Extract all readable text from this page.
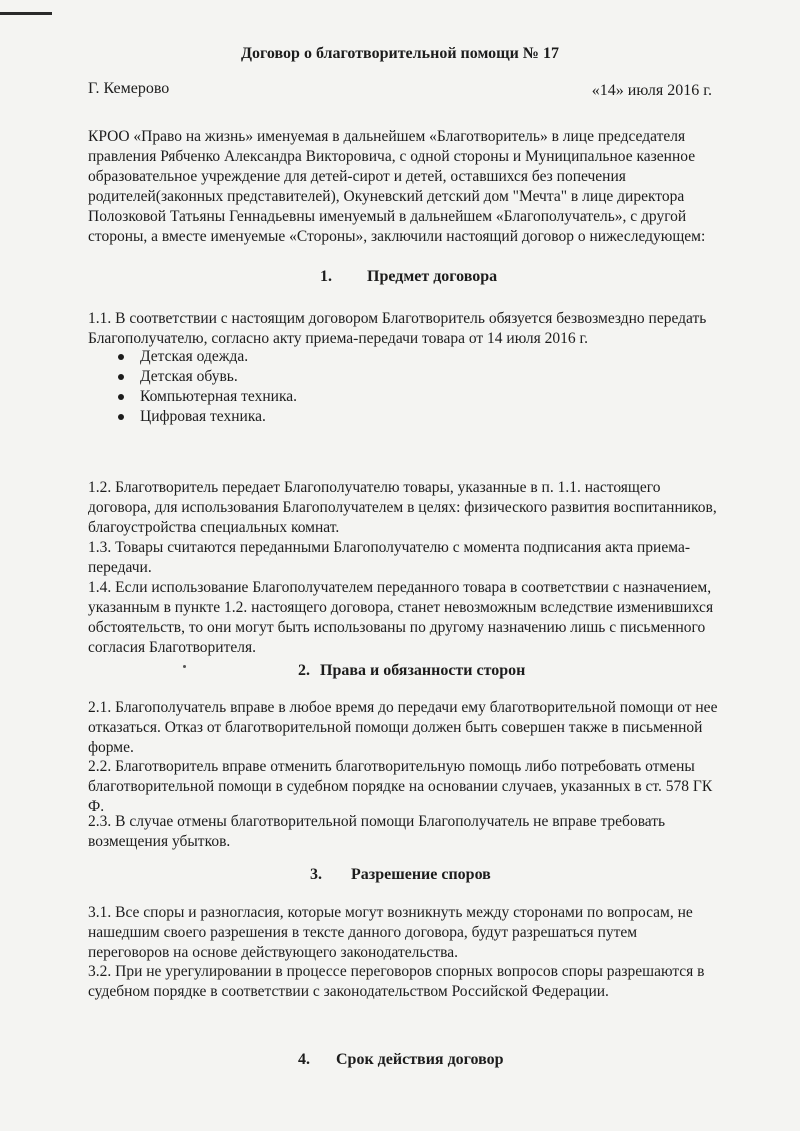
Договор о благотворительной помощи № 17
Г. Кемерово	«14» июля 2016 г.

КРОО «Право на жизнь» именуемая в дальнейшем «Благотворитель» в лице председателя правления Рябченко Александра Викторовича, с одной стороны и Муниципальное казенное образовательное учреждение для детей-сирот и детей, оставшихся без попечения родителей(законных представителей), Окуневский детский дом "Мечта" в лице директора Полозковой Татьяны Геннадьевны именуемый в дальнейшем «Благополучатель», с другой стороны, а вместе именуемые «Стороны», заключили настоящий договор о нижеследующем:

1. Предмет договора

1.1. В соответствии с настоящим договором Благотворитель обязуется безвозмездно передать Благополучателю, согласно акту приема-передачи товара от 14 июля 2016 г.

Детская одежда.
Детская обувь.
Компьютерная техника.
Цифровая техника.

1.2. Благотворитель передает Благополучателю товары, указанные в п. 1.1. настоящего договора, для использования Благополучателем в целях: физического развития воспитанников, благоустройства специальных комнат.

1.3. Товары считаются переданными Благополучателю с момента подписания акта приема-передачи.

1.4. Если использование Благополучателем переданного товара в соответствии с назначением, указанным в пункте 1.2. настоящего договора, станет невозможным вследствие изменившихся обстоятельств, то они могут быть использованы по другому назначению лишь с письменного согласия Благотворителя.

2. Права и обязанности сторон

2.1. Благополучатель вправе в любое время до передачи ему благотворительной помощи от нее отказаться. Отказ от благотворительной помощи должен быть совершен также в письменной форме.

2.2. Благотворитель вправе отменить благотворительную помощь либо потребовать отмены благотворительной помощи в судебном порядке на основании случаев, указанных в ст. 578 ГК Ф.

2.3. В случае отмены благотворительной помощи Благополучатель не вправе требовать возмещения убытков.

3. Разрешение споров

3.1. Все споры и разногласия, которые могут возникнуть между сторонами по вопросам, не нашедшим своего разрешения в тексте данного договора, будут разрешаться путем переговоров на основе действующего законодательства.

3.2. При не урегулировании в процессе переговоров спорных вопросов споры разрешаются в судебном порядке в соответствии с законодательством Российской Федерации.

4. Срок действия договор
